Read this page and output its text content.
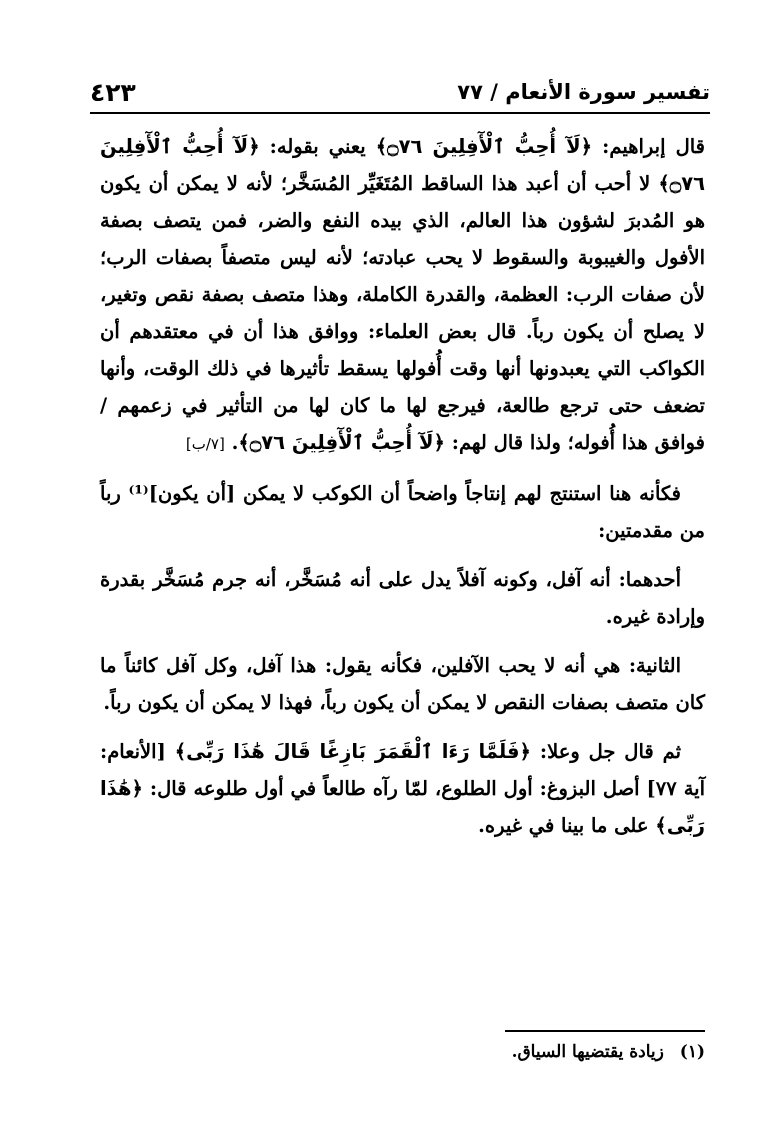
تفسير سورة الأنعام / ٧٧
٤٢٣

قال إبراهيم: ﴿لَآ أُحِبُّ ٱلْأٓفِلِينَ ۝٧٦﴾ يعني بقوله: ﴿لَآ أُحِبُّ ٱلْأٓفِلِينَ ۝٧٦﴾ لا أحب أن أعبد هذا الساقط المُتَغَيِّر المُسَخَّر؛ لأنه لا يمكن أن يكون هو المُدبرَ لشؤون هذا العالم، الذي بيده النفع والضر، فمن يتصف بصفة الأفول والغيبوبة والسقوط لا يحب عبادته؛ لأنه ليس متصفاً بصفات الرب؛ لأن صفات الرب: العظمة، والقدرة الكاملة، وهذا متصف بصفة نقص وتغير، لا يصلح أن يكون رباً. قال بعض العلماء: ووافق هذا أن في معتقدهم أن الكواكب التي يعبدونها أنها وقت أُفولها يسقط تأثيرها في ذلك الوقت، وأنها تضعف حتى ترجع طالعة، فيرجع لها ما كان لها من التأثير في زعمهم /فوافق هذا أُفوله؛ ولذا قال لهم: ﴿لَآ أُحِبُّ ٱلْأٓفِلِينَ ۝٧٦﴾. [٧/ب]

فكأنه هنا استنتج لهم إنتاجاً واضحاً أن الكوكب لا يمكن [أن يكون]⁽¹⁾ رباً من مقدمتين:

أحدهما: أنه آفل، وكونه آفلاً يدل على أنه مُسَخَّر، أنه جرم مُسَخَّر بقدرة وإرادة غيره.

الثانية: هي أنه لا يحب الآفلين، فكأنه يقول: هذا آفل، وكل آفل كائناً ما كان متصف بصفات النقص لا يمكن أن يكون رباً، فهذا لا يمكن أن يكون رباً.

ثم قال جل وعلا: ﴿فَلَمَّا رَءَا ٱلْقَمَرَ بَازِغًا قَالَ هَٰذَا رَبِّى﴾ [الأنعام: آية ٧٧] أصل البزوغ: أول الطلوع، لمّا رآه طالعاً في أول طلوعه قال: ﴿هَٰذَا رَبِّى﴾ على ما بينا في غيره.

(١) زيادة يقتضيها السياق.
